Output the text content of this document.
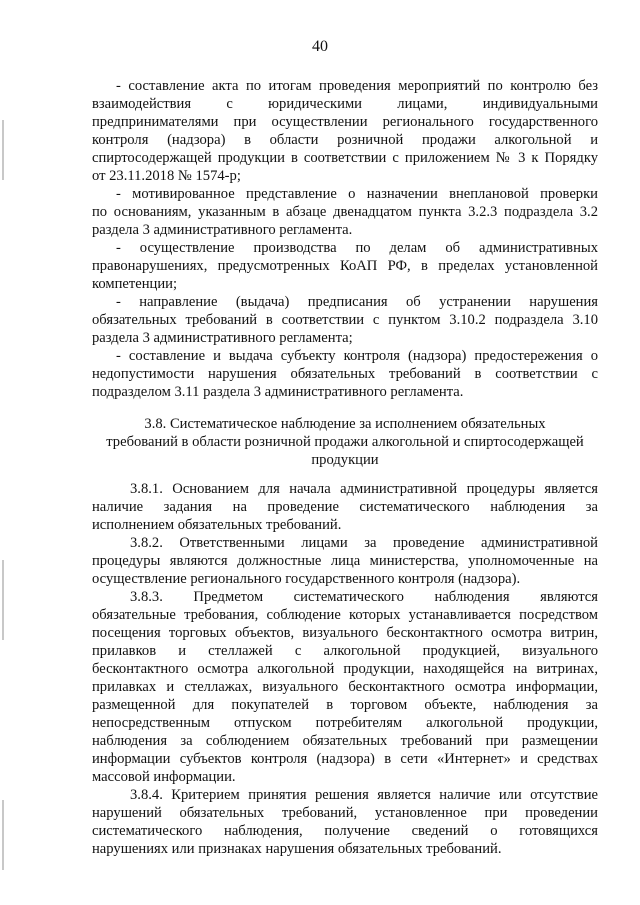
40
- составление акта по итогам проведения мероприятий по контролю без
взаимодействия с юридическими лицами, индивидуальными
предпринимателями при осуществлении регионального государственного
контроля (надзора) в области розничной продажи алкогольной и
спиртосодержащей продукции в соответствии с приложением № 3 к Порядку
от 23.11.2018 № 1574-р;
- мотивированное представление о назначении внеплановой проверки
по основаниям, указанным в абзаце двенадцатом пункта 3.2.3 подраздела 3.2
раздела 3 административного регламента.
- осуществление производства по делам об административных
правонарушениях, предусмотренных КоАП РФ, в пределах установленной
компетенции;
- направление (выдача) предписания об устранении нарушения
обязательных требований в соответствии с пунктом 3.10.2 подраздела 3.10
раздела 3 административного регламента;
- составление и выдача субъекту контроля (надзора) предостережения о
недопустимости нарушения обязательных требований в соответствии с
подразделом 3.11 раздела 3 административного регламента.
3.8. Систематическое наблюдение за исполнением обязательных
требований в области розничной продажи алкогольной и спиртосодержащей
продукции
3.8.1. Основанием для начала административной процедуры является
наличие задания на проведение систематического наблюдения за
исполнением обязательных требований.
3.8.2. Ответственными лицами за проведение административной
процедуры являются должностные лица министерства, уполномоченные на
осуществление регионального государственного контроля (надзора).
3.8.3. Предметом систематического наблюдения являются
обязательные требования, соблюдение которых устанавливается посредством
посещения торговых объектов, визуального бесконтактного осмотра витрин,
прилавков и стеллажей с алкогольной продукцией, визуального
бесконтактного осмотра алкогольной продукции, находящейся на витринах,
прилавках и стеллажах, визуального бесконтактного осмотра информации,
размещенной для покупателей в торговом объекте, наблюдения за
непосредственным отпуском потребителям алкогольной продукции,
наблюдения за соблюдением обязательных требований при размещении
информации субъектов контроля (надзора) в сети «Интернет» и средствах
массовой информации.
3.8.4. Критерием принятия решения является наличие или отсутствие
нарушений обязательных требований, установленное при проведении
систематического наблюдения, получение сведений о готовящихся
нарушениях или признаках нарушения обязательных требований.
